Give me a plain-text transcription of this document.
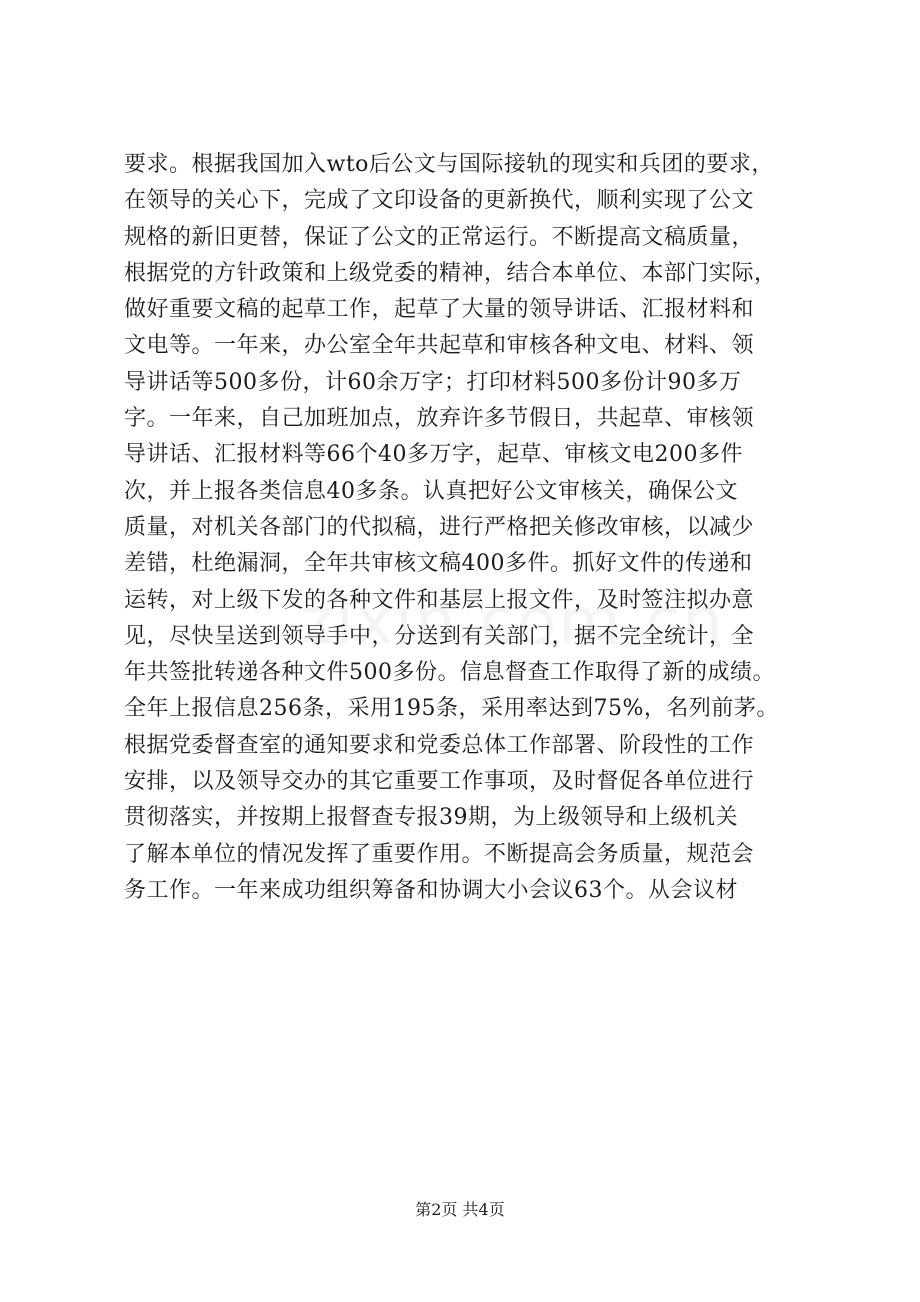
要求。根据我国加入wto后公文与国际接轨的现实和兵团的要求，
在领导的关心下，完成了文印设备的更新换代，顺利实现了公文
规格的新旧更替，保证了公文的正常运行。不断提高文稿质量，
根据党的方针政策和上级党委的精神，结合本单位、本部门实际，
做好重要文稿的起草工作，起草了大量的领导讲话、汇报材料和
文电等。一年来，办公室全年共起草和审核各种文电、材料、领
导讲话等500多份，计60余万字；打印材料500多份计90多万
字。一年来，自己加班加点，放弃许多节假日，共起草、审核领
导讲话、汇报材料等66个40多万字，起草、审核文电200多件
次，并上报各类信息40多条。认真把好公文审核关，确保公文
质量，对机关各部门的代拟稿，进行严格把关修改审核，以减少
差错，杜绝漏洞，全年共审核文稿400多件。抓好文件的传递和
运转，对上级下发的各种文件和基层上报文件，及时签注拟办意
见，尽快呈送到领导手中，分送到有关部门，据不完全统计，全
年共签批转递各种文件500多份。信息督查工作取得了新的成绩。
全年上报信息256条，采用195条，采用率达到75%，名列前茅。
根据党委督查室的通知要求和党委总体工作部署、阶段性的工作
安排，以及领导交办的其它重要工作事项，及时督促各单位进行
贯彻落实，并按期上报督查专报39期，为上级领导和上级机关
了解本单位的情况发挥了重要作用。不断提高会务质量，规范会
务工作。一年来成功组织筹备和协调大小会议63个。从会议材
第2页 共4页
